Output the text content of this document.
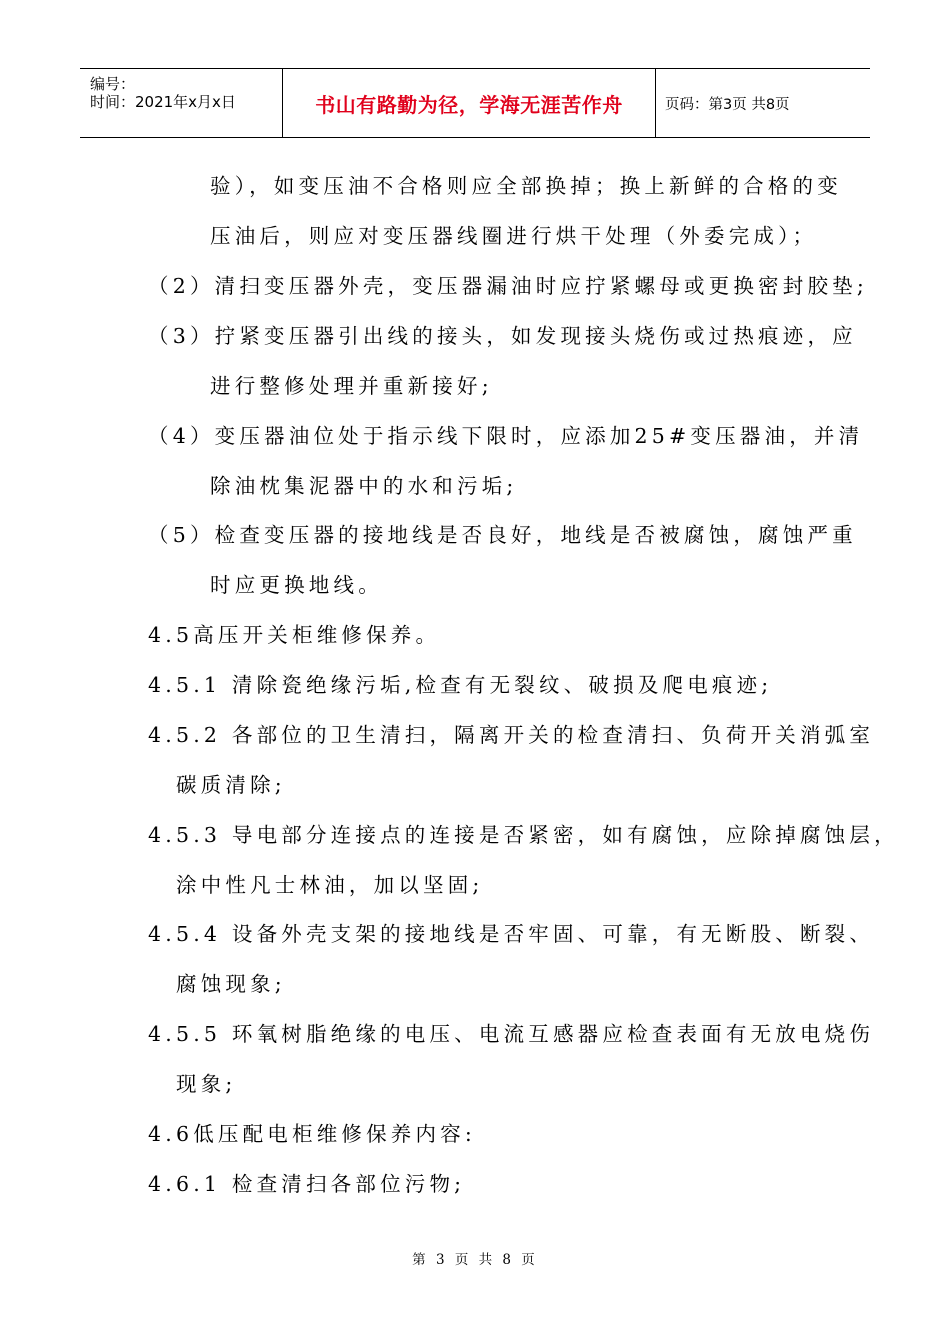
编号：
时间：2021年x月x日	书山有路勤为径，学海无涯苦作舟	页码：第3页 共8页
验），如变压油不合格则应全部换掉；换上新鲜的合格的变
压油后，则应对变压器线圈进行烘干处理（外委完成）；
（2）清扫变压器外壳，变压器漏油时应拧紧螺母或更换密封胶垫;
（3）拧紧变压器引出线的接头，如发现接头烧伤或过热痕迹，应
进行整修处理并重新接好;
（4）变压器油位处于指示线下限时，应添加25#变压器油，并清
除油枕集泥器中的水和污垢;
（5）检查变压器的接地线是否良好，地线是否被腐蚀，腐蚀严重
时应更换地线。
4.5高压开关柜维修保养。
4.5.1 清除瓷绝缘污垢,检查有无裂纹、破损及爬电痕迹;
4.5.2 各部位的卫生清扫，隔离开关的检查清扫、负荷开关消弧室
碳质清除;
4.5.3 导电部分连接点的连接是否紧密，如有腐蚀，应除掉腐蚀层，
涂中性凡士林油，加以坚固;
4.5.4 设备外壳支架的接地线是否牢固、可靠，有无断股、断裂、
腐蚀现象;
4.5.5 环氧树脂绝缘的电压、电流互感器应检查表面有无放电烧伤
现象;
4.6低压配电柜维修保养内容:
4.6.1 检查清扫各部位污物;
第 3 页 共 8 页
